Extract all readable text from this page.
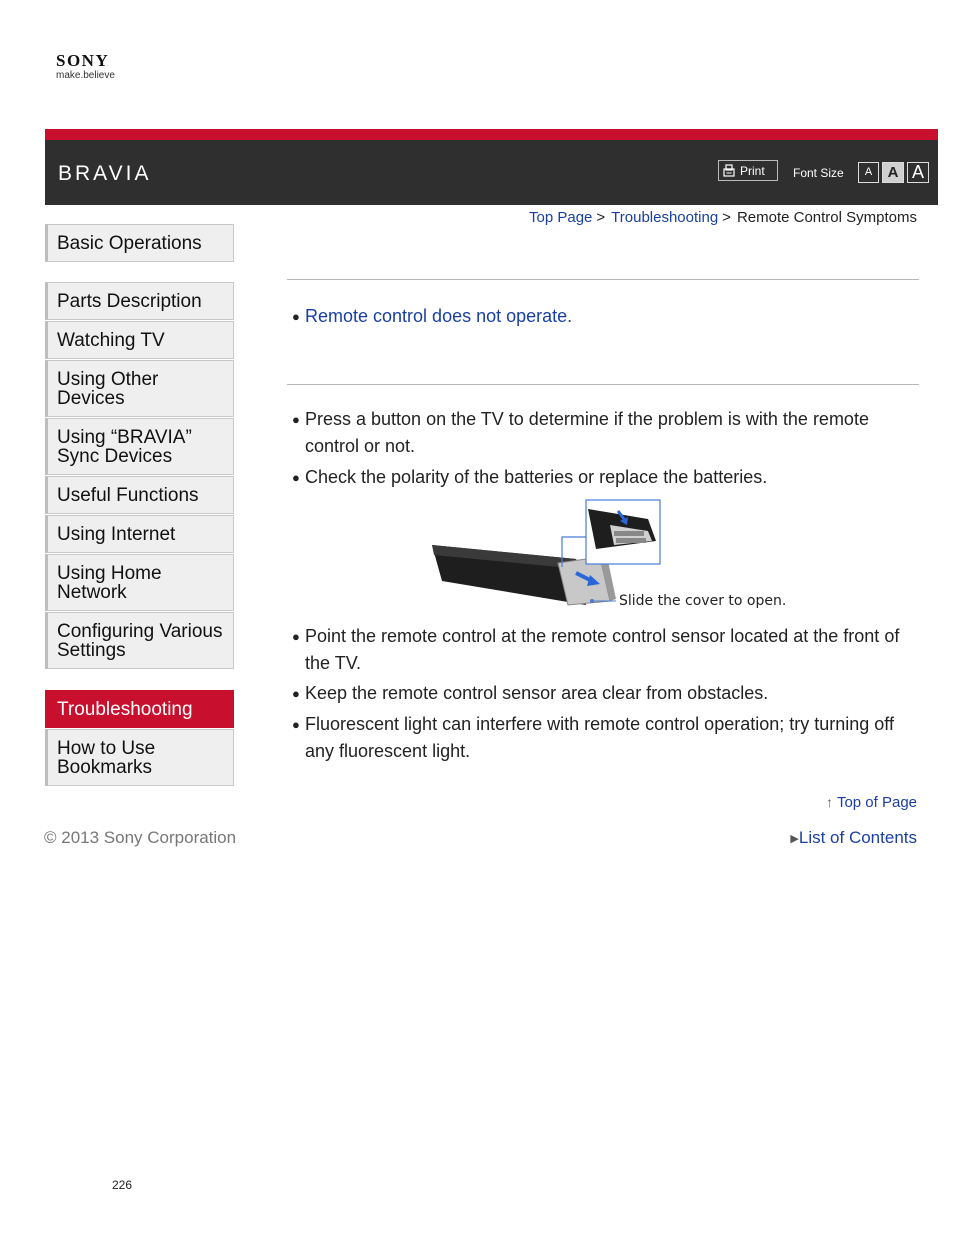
SONY
make.believe
BRAVIA	Print	Font Size	A	A A
Top Page > Troubleshooting > Remote Control Symptoms
Basic Operations
Parts Description
Watching TV
Using Other Devices
Using “BRAVIA” Sync Devices
Useful Functions
Using Internet
Using Home Network
Configuring Various Settings
Troubleshooting
How to Use Bookmarks
● Remote control does not operate.
● Press a button on the TV to determine if the problem is with the remote control or not.
● Check the polarity of the batteries or replace the batteries.
Slide the cover to open.
● Point the remote control at the remote control sensor located at the front of the TV.
● Keep the remote control sensor area clear from obstacles.
● Fluorescent light can interfere with remote control operation; try turning off any fluorescent light.
↑ Top of Page
© 2013 Sony Corporation	▶List of Contents
226
